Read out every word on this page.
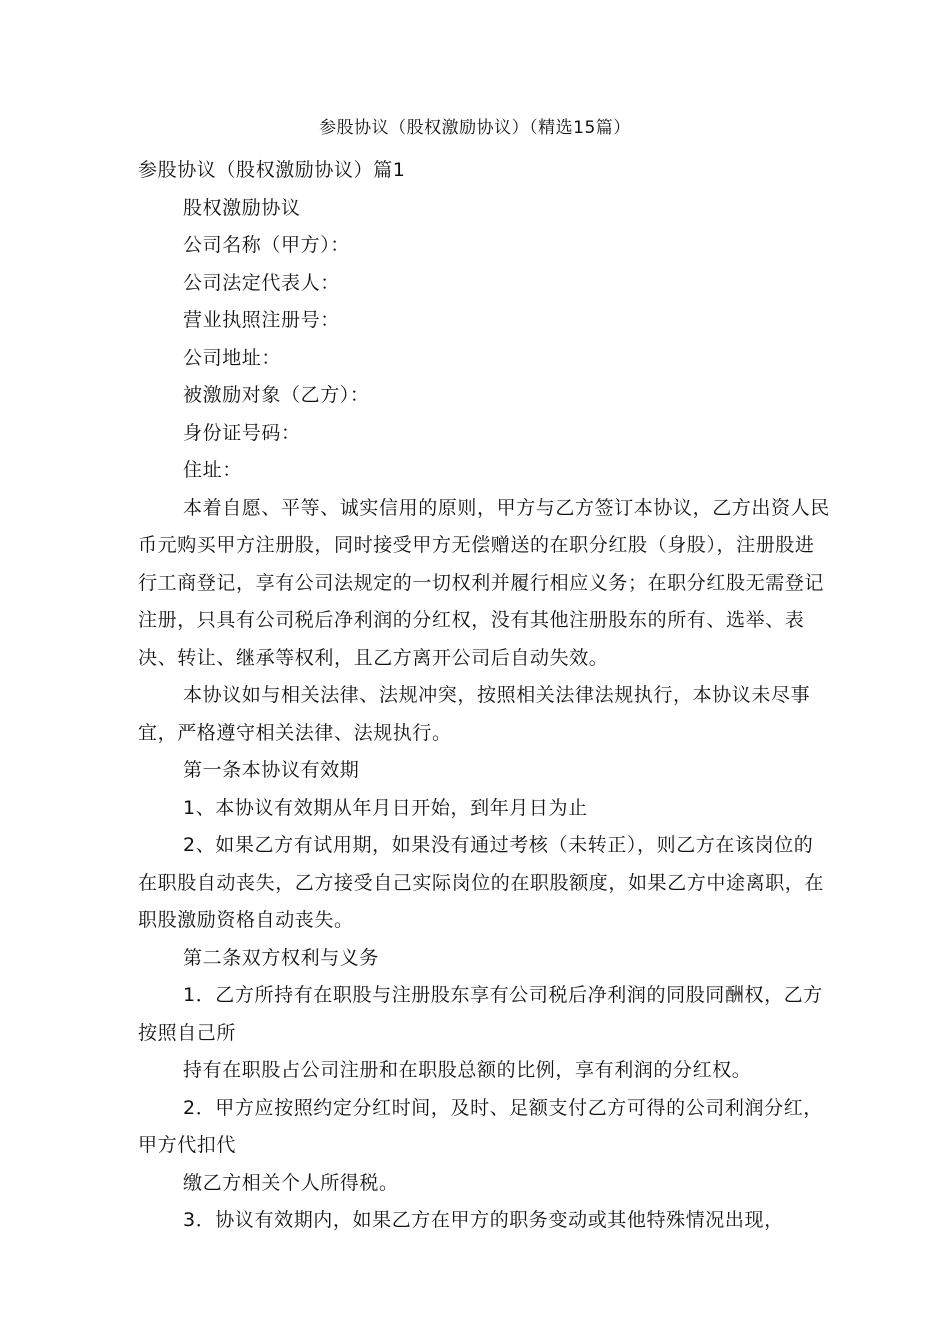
参股协议（股权激励协议）（精选15篇）

参股协议（股权激励协议）篇1

股权激励协议

公司名称（甲方）：

公司法定代表人：

营业执照注册号：

公司地址：

被激励对象（乙方）：

身份证号码：

住址：

本着自愿、平等、诚实信用的原则，甲方与乙方签订本协议，乙方出资人民币元购买甲方注册股，同时接受甲方无偿赠送的在职分红股（身股），注册股进行工商登记，享有公司法规定的一切权利并履行相应义务；在职分红股无需登记注册，只具有公司税后净利润的分红权，没有其他注册股东的所有、选举、表决、转让、继承等权利，且乙方离开公司后自动失效。

本协议如与相关法律、法规冲突，按照相关法律法规执行，本协议未尽事宜，严格遵守相关法律、法规执行。

第一条本协议有效期

1、本协议有效期从年月日开始，到年月日为止

2、如果乙方有试用期，如果没有通过考核（未转正），则乙方在该岗位的在职股自动丧失，乙方接受自己实际岗位的在职股额度，如果乙方中途离职，在职股激励资格自动丧失。

第二条双方权利与义务

1．乙方所持有在职股与注册股东享有公司税后净利润的同股同酬权，乙方按照自己所

持有在职股占公司注册和在职股总额的比例，享有利润的分红权。

2．甲方应按照约定分红时间，及时、足额支付乙方可得的公司利润分红，甲方代扣代

缴乙方相关个人所得税。

3．协议有效期内，如果乙方在甲方的职务变动或其他特殊情况出现，
